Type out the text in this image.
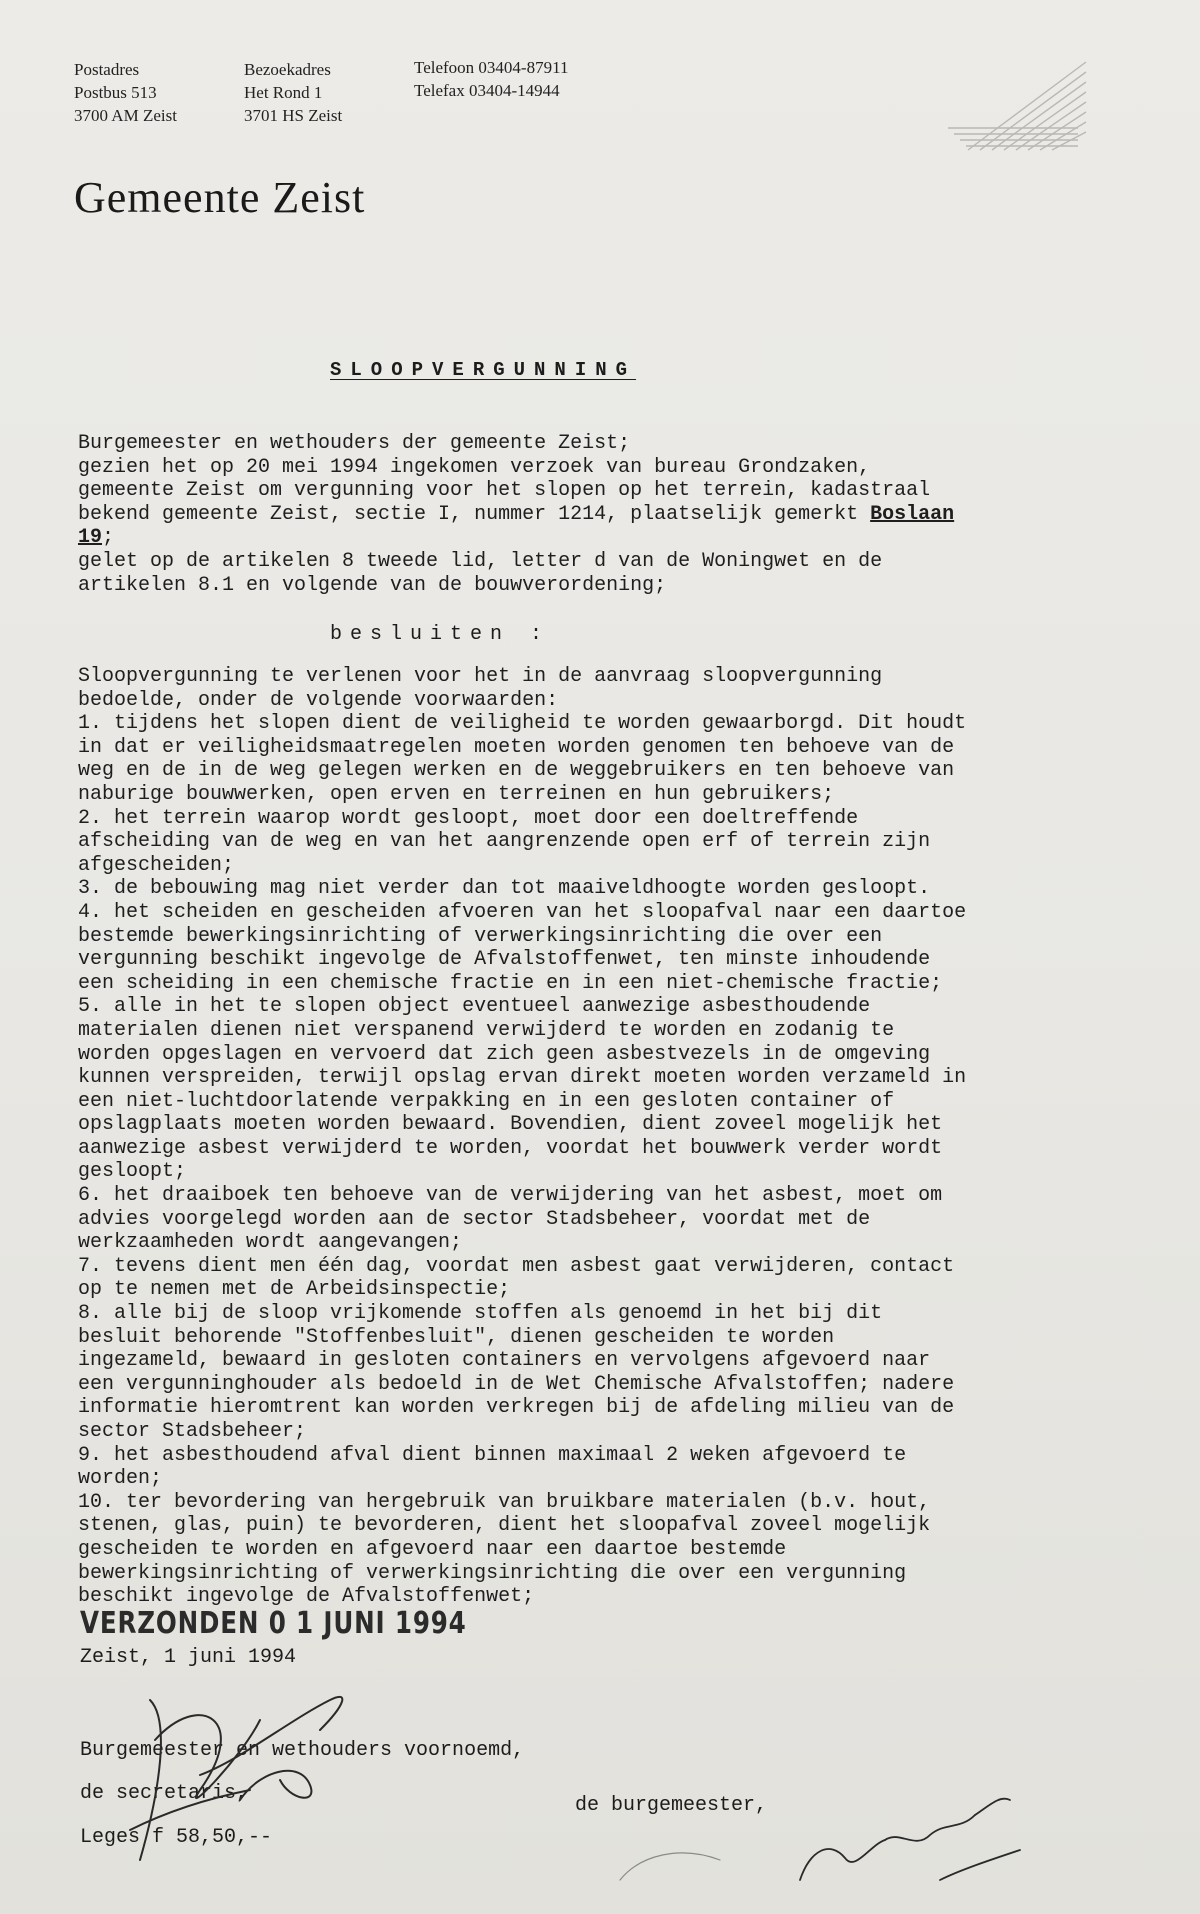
Postadres
Postbus 513
3700 AM Zeist
Bezoekadres
Het Rond 1
3701 HS Zeist
Telefoon 03404-87911
Telefax 03404-14944
Gemeente Zeist
SLOOPVERGUNNING
Burgemeester en wethouders der gemeente Zeist;
gezien het op 20 mei 1994 ingekomen verzoek van bureau Grondzaken,
gemeente Zeist om vergunning voor het slopen op het terrein, kadastraal
bekend gemeente Zeist, sectie I, nummer 1214, plaatselijk gemerkt Boslaan
19;
gelet op de artikelen 8 tweede lid, letter d van de Woningwet en de
artikelen 8.1 en volgende van de bouwverordening;
besluiten :
Sloopvergunning te verlenen voor het in de aanvraag sloopvergunning
bedoelde, onder de volgende voorwaarden:
1. tijdens het slopen dient de veiligheid te worden gewaarborgd. Dit houdt
in dat er veiligheidsmaatregelen moeten worden genomen ten behoeve van de
weg en de in de weg gelegen werken en de weggebruikers en ten behoeve van
naburige bouwwerken, open erven en terreinen en hun gebruikers;
2. het terrein waarop wordt gesloopt, moet door een doeltreffende
afscheiding van de weg en van het aangrenzende open erf of terrein zijn
afgescheiden;
3. de bebouwing mag niet verder dan tot maaiveldhoogte worden gesloopt.
4. het scheiden en gescheiden afvoeren van het sloopafval naar een daartoe
bestemde bewerkingsinrichting of verwerkingsinrichting die over een
vergunning beschikt ingevolge de Afvalstoffenwet, ten minste inhoudende
een scheiding in een chemische fractie en in een niet-chemische fractie;
5. alle in het te slopen object eventueel aanwezige asbesthoudende
materialen dienen niet verspanend verwijderd te worden en zodanig te
worden opgeslagen en vervoerd dat zich geen asbestvezels in de omgeving
kunnen verspreiden, terwijl opslag ervan direkt moeten worden verzameld in
een niet-luchtdoorlatende verpakking en in een gesloten container of
opslagplaats moeten worden bewaard. Bovendien, dient zoveel mogelijk het
aanwezige asbest verwijderd te worden, voordat het bouwwerk verder wordt
gesloopt;
6. het draaiboek ten behoeve van de verwijdering van het asbest, moet om
advies voorgelegd worden aan de sector Stadsbeheer, voordat met de
werkzaamheden wordt aangevangen;
7. tevens dient men één dag, voordat men asbest gaat verwijderen, contact
op te nemen met de Arbeidsinspectie;
8. alle bij de sloop vrijkomende stoffen als genoemd in het bij dit
besluit behorende "Stoffenbesluit", dienen gescheiden te worden
ingezameld, bewaard in gesloten containers en vervolgens afgevoerd naar
een vergunninghouder als bedoeld in de Wet Chemische Afvalstoffen; nadere
informatie hieromtrent kan worden verkregen bij de afdeling milieu van de
sector Stadsbeheer;
9. het asbesthoudend afval dient binnen maximaal 2 weken afgevoerd te
worden;
10. ter bevordering van hergebruik van bruikbare materialen (b.v. hout,
stenen, glas, puin) te bevorderen, dient het sloopafval zoveel mogelijk
gescheiden te worden en afgevoerd naar een daartoe bestemde
bewerkingsinrichting of verwerkingsinrichting die over een vergunning
beschikt ingevolge de Afvalstoffenwet;
VERZONDEN 0 1 JUNI 1994
Zeist, 1 juni 1994
Burgemeester en wethouders voornoemd,
de secretaris,
de burgemeester,
Leges f 58,50,--
